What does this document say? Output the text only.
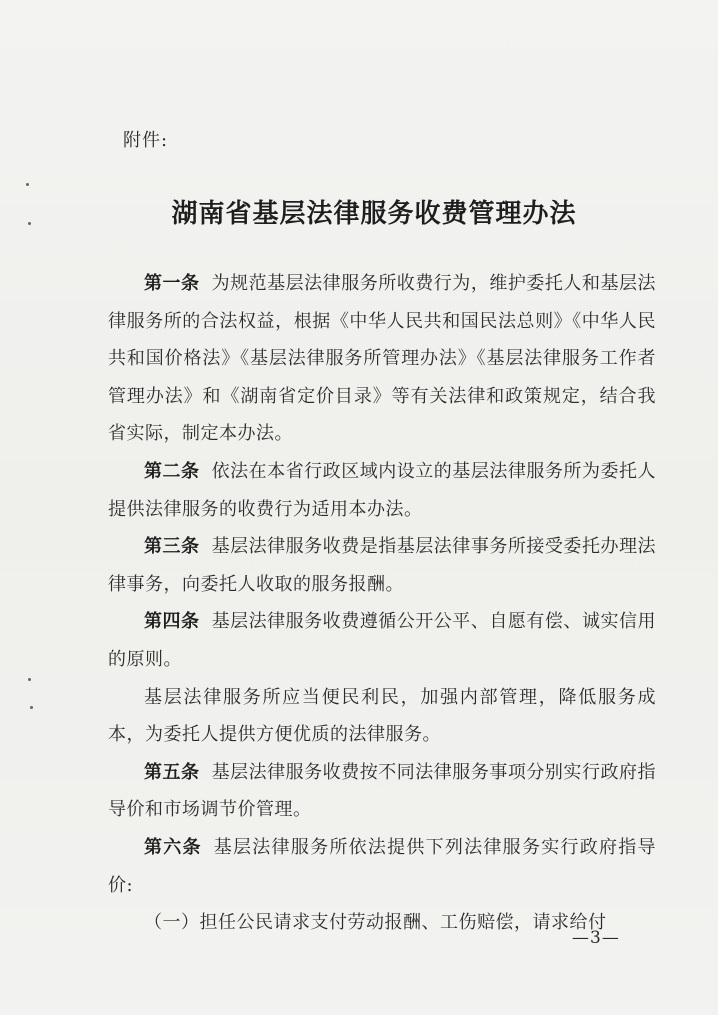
附件:
湖南省基层法律服务收费管理办法

第一条 为规范基层法律服务所收费行为，维护委托人和基层法律服务所的合法权益，根据《中华人民共和国民法总则》《中华人民共和国价格法》《基层法律服务所管理办法》《基层法律服务工作者管理办法》和《湖南省定价目录》等有关法律和政策规定，结合我省实际，制定本办法。

第二条 依法在本省行政区域内设立的基层法律服务所为委托人提供法律服务的收费行为适用本办法。

第三条 基层法律服务收费是指基层法律事务所接受委托办理法律事务，向委托人收取的服务报酬。

第四条 基层法律服务收费遵循公开公平、自愿有偿、诚实信用的原则。

基层法律服务所应当便民利民，加强内部管理，降低服务成本，为委托人提供方便优质的法律服务。

第五条 基层法律服务收费按不同法律服务事项分别实行政府指导价和市场调节价管理。

第六条 基层法律服务所依法提供下列法律服务实行政府指导价:

（一）担任公民请求支付劳动报酬、工伤赔偿，请求给付

—3—
